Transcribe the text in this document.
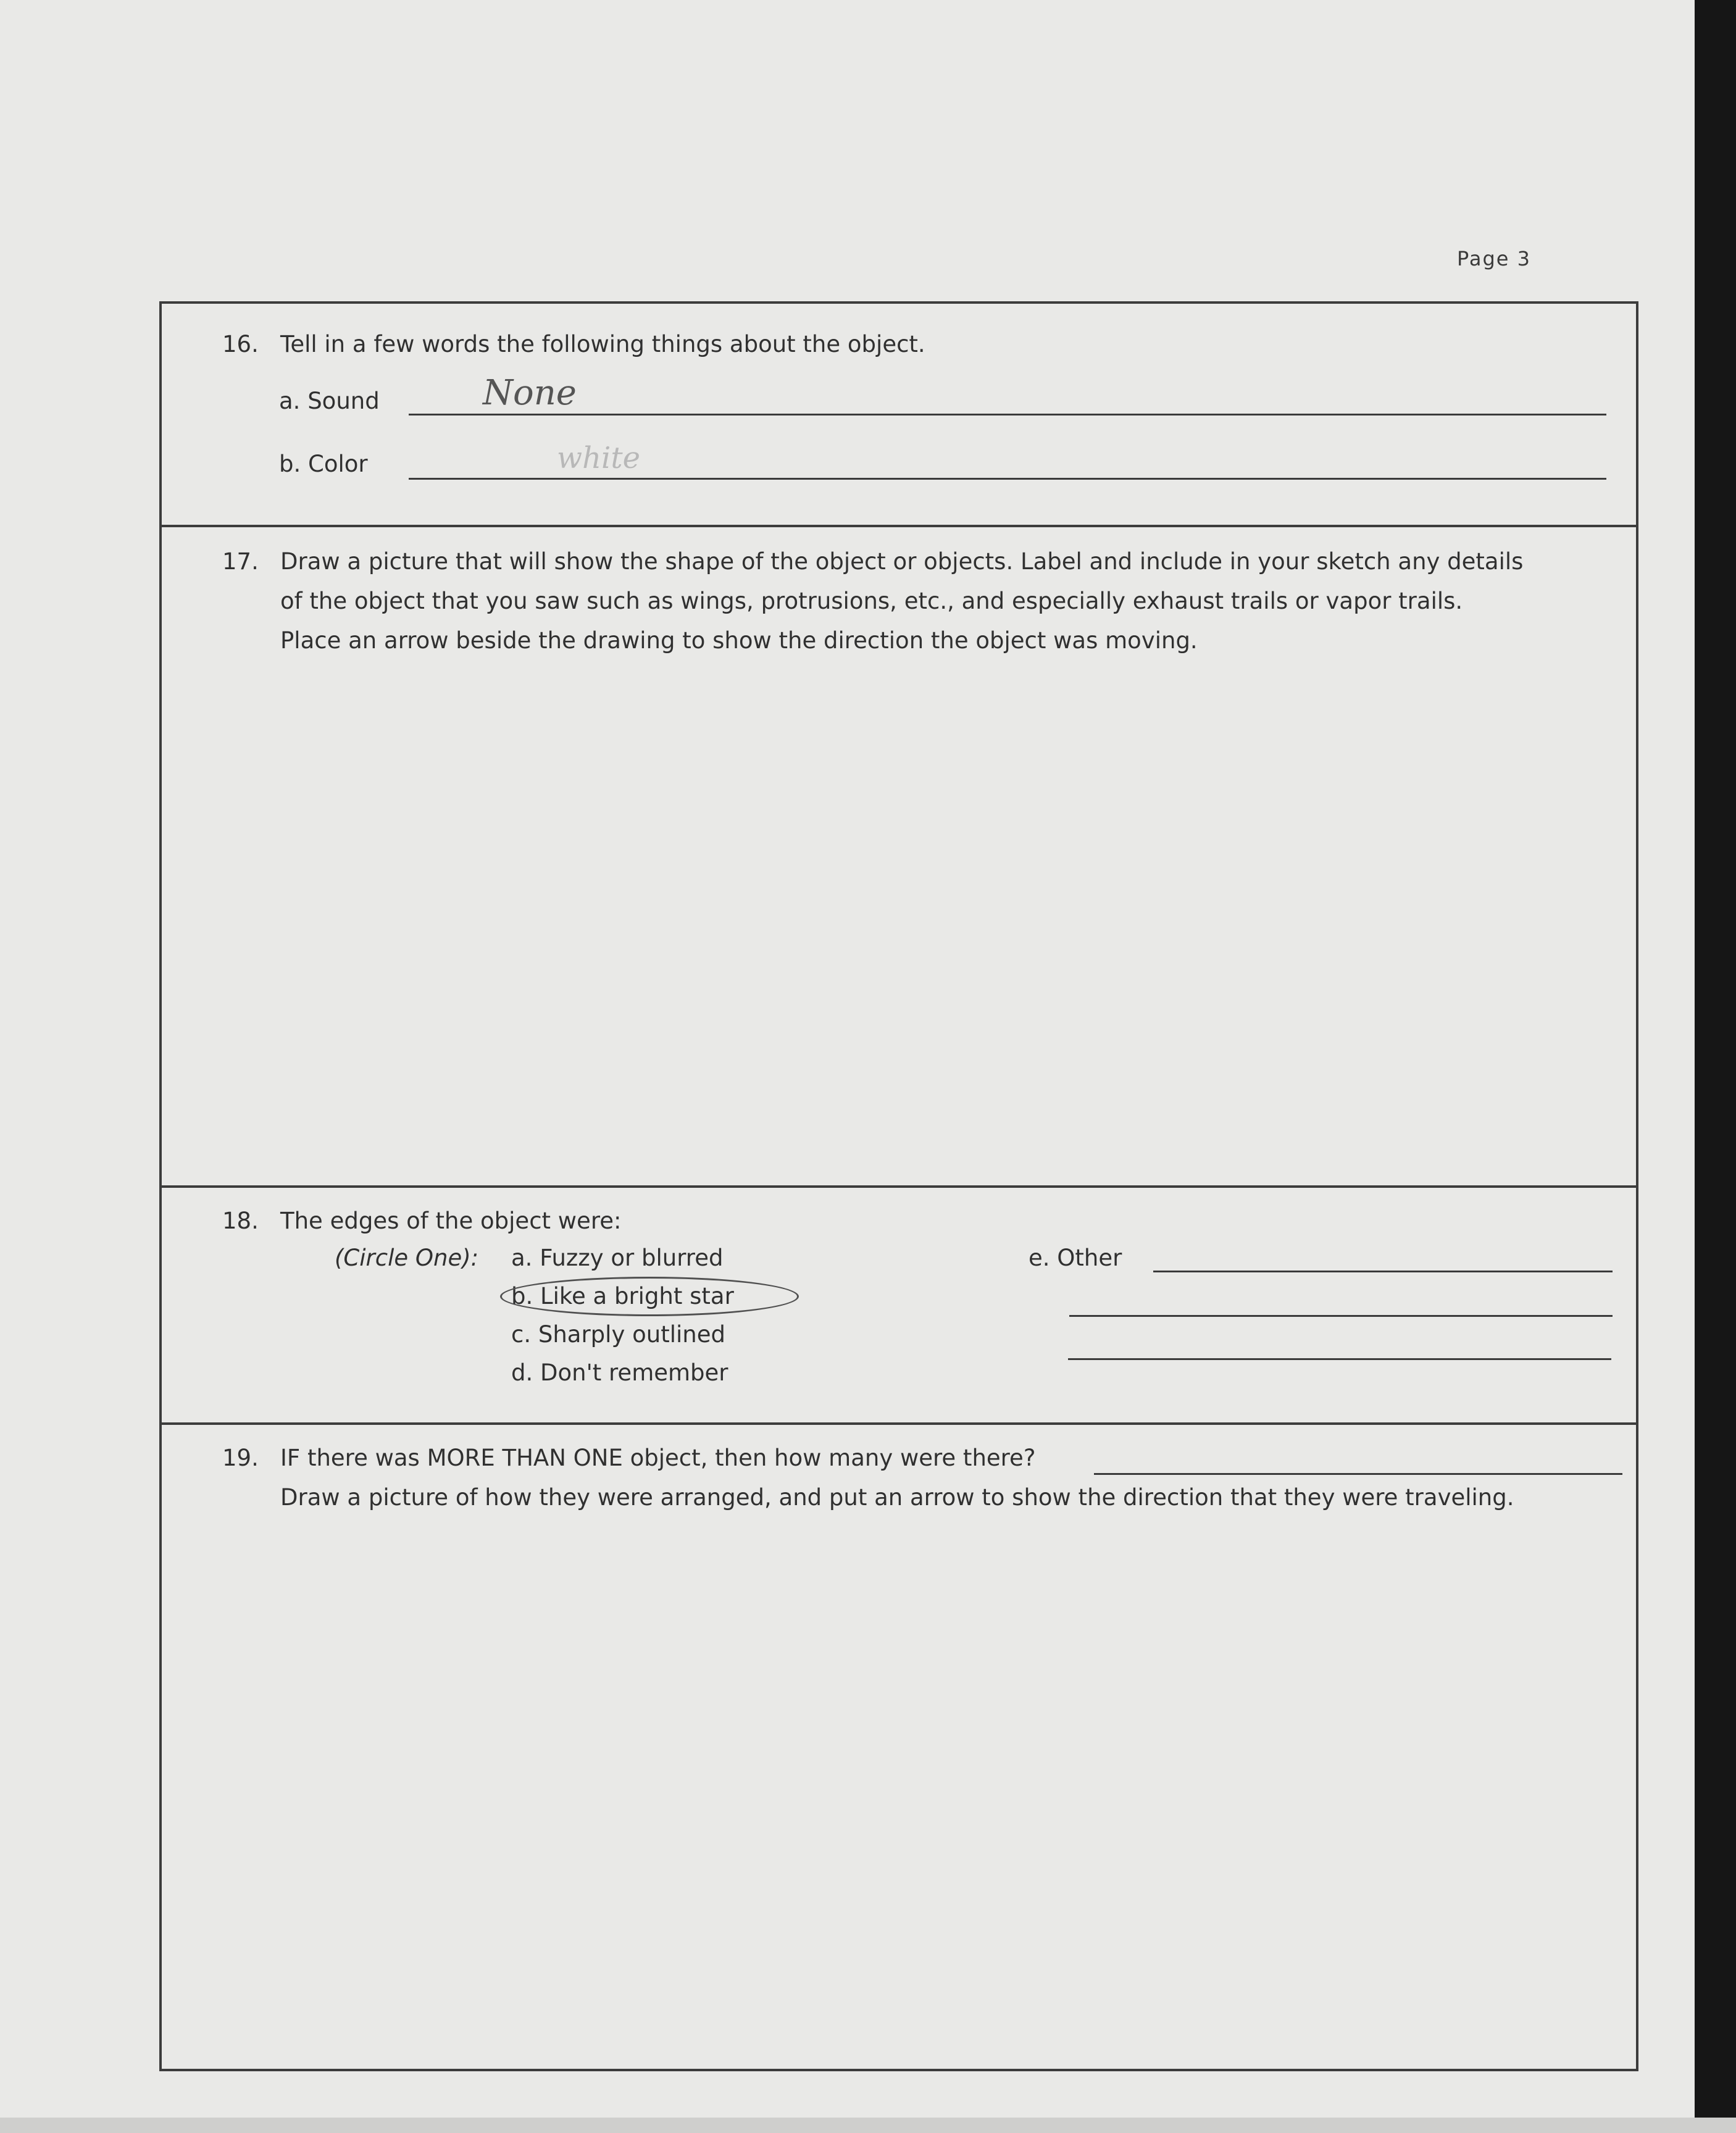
Page 3
16. Tell in a few words the following things about the object.
a. Sound	None
b. Color	white
17. Draw a picture that will show the shape of the object or objects. Label and include in your sketch any details
of the object that you saw such as wings, protrusions, etc., and especially exhaust trails or vapor trails.
Place an arrow beside the drawing to show the direction the object was moving.
18. The edges of the object were:
(Circle One): a. Fuzzy or blurred
b. Like a bright star
c. Sharply outlined
d. Don't remember
e. Other
19. IF there was MORE THAN ONE object, then how many were there?
Draw a picture of how they were arranged, and put an arrow to show the direction that they were traveling.
